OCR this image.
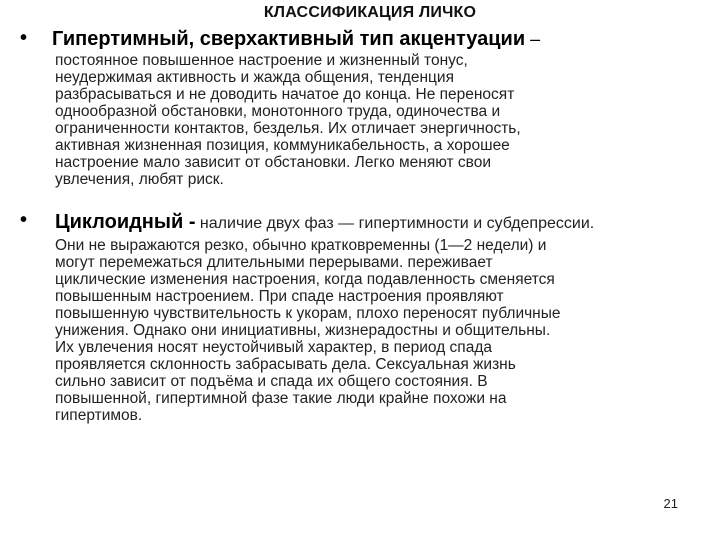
КЛАССИФИКАЦИЯ ЛИЧКО
• Гипертимный, сверхактивный тип акцентуации –
постоянное повышенное настроение и жизненный тонус,
неудержимая активность и жажда общения, тенденция
разбрасываться и не доводить начатое до конца. Не переносят
однообразной обстановки, монотонного труда, одиночества и
ограниченности контактов, безделья. Их отличает энергичность,
активная жизненная позиция, коммуникабельность, а хорошее
настроение мало зависит от обстановки. Легко меняют свои
увлечения, любят риск.
• Циклоидный - наличие двух фаз — гипертимности и субдепрессии.
Они не выражаются резко, обычно кратковременны (1—2 недели) и
могут перемежаться длительными перерывами. переживает
циклические изменения настроения, когда подавленность сменяется
повышенным настроением. При спаде настроения проявляют
повышенную чувствительность к укорам, плохо переносят публичные
унижения. Однако они инициативны, жизнерадостны и общительны.
Их увлечения носят неустойчивый характер, в период спада
проявляется склонность забрасывать дела. Сексуальная жизнь
сильно зависит от подъёма и спада их общего состояния. В
повышенной, гипертимной фазе такие люди крайне похожи на
гипертимов.
21
